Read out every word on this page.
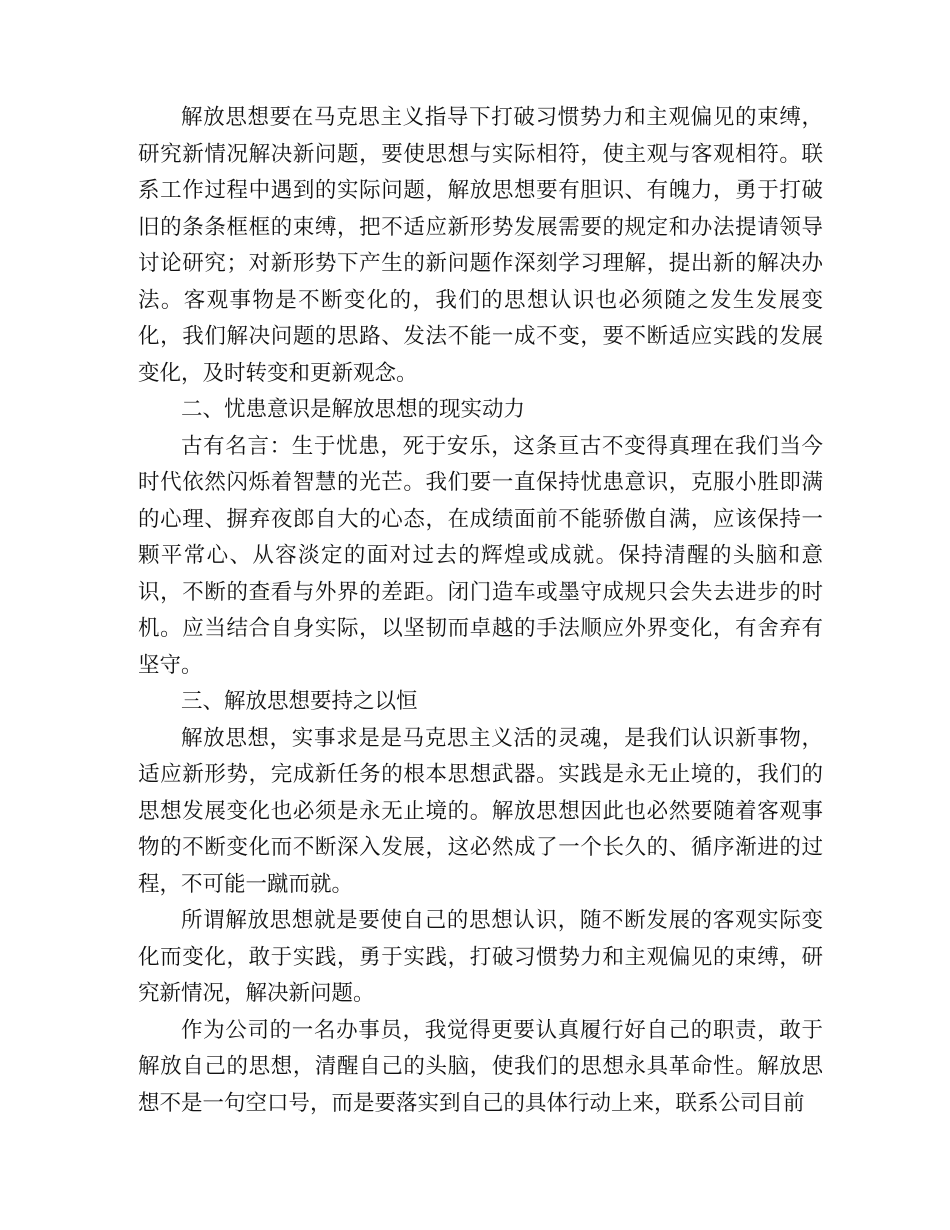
解放思想要在马克思主义指导下打破习惯势力和主观偏见的束缚，研究新情况解决新问题，要使思想与实际相符，使主观与客观相符。联系工作过程中遇到的实际问题，解放思想要有胆识、有魄力，勇于打破旧的条条框框的束缚，把不适应新形势发展需要的规定和办法提请领导讨论研究；对新形势下产生的新问题作深刻学习理解，提出新的解决办法。客观事物是不断变化的，我们的思想认识也必须随之发生发展变化，我们解决问题的思路、发法不能一成不变，要不断适应实践的发展变化，及时转变和更新观念。

二、忧患意识是解放思想的现实动力

古有名言：生于忧患，死于安乐，这条亘古不变得真理在我们当今时代依然闪烁着智慧的光芒。我们要一直保持忧患意识，克服小胜即满的心理、摒弃夜郎自大的心态，在成绩面前不能骄傲自满，应该保持一颗平常心、从容淡定的面对过去的辉煌或成就。保持清醒的头脑和意识，不断的查看与外界的差距。闭门造车或墨守成规只会失去进步的时机。应当结合自身实际，以坚韧而卓越的手法顺应外界变化，有舍弃有坚守。

三、解放思想要持之以恒

解放思想，实事求是是马克思主义活的灵魂，是我们认识新事物，适应新形势，完成新任务的根本思想武器。实践是永无止境的，我们的思想发展变化也必须是永无止境的。解放思想因此也必然要随着客观事物的不断变化而不断深入发展，这必然成了一个长久的、循序渐进的过程，不可能一蹴而就。

所谓解放思想就是要使自己的思想认识，随不断发展的客观实际变化而变化，敢于实践，勇于实践，打破习惯势力和主观偏见的束缚，研究新情况，解决新问题。

作为公司的一名办事员，我觉得更要认真履行好自己的职责，敢于解放自己的思想，清醒自己的头脑，使我们的思想永具革命性。解放思想不是一句空口号，而是要落实到自己的具体行动上来，联系公司目前
